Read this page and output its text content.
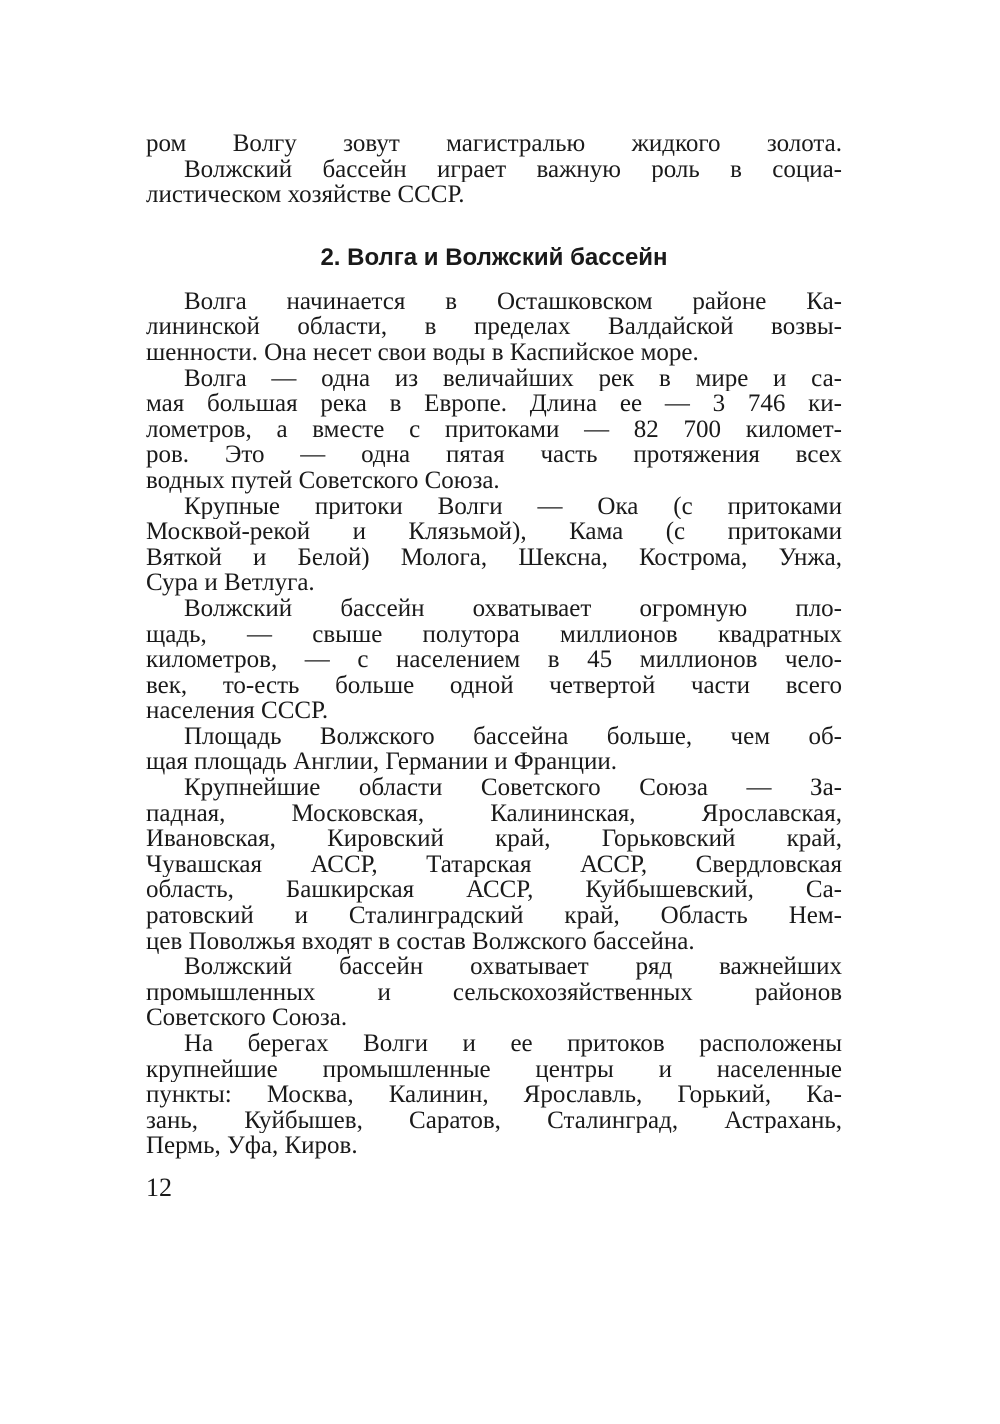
ром Волгу зовут магистралью жидкого золота.
Волжский бассейн играет важную роль в социа-
листическом хозяйстве СССР.
2. Волга и Волжский бассейн
Волга начинается в Осташковском районе Ка-
лининской области, в пределах Валдайской возвы-
шенности. Она несет свои воды в Каспийское море.
Волга — одна из величайших рек в мире и са-
мая большая река в Европе. Длина ее — 3 746 ки-
лометров, а вместе с притоками — 82 700 километ-
ров. Это — одна пятая часть протяжения всех
водных путей Советского Союза.
Крупные притоки Волги — Ока (с притоками
Москвой-рекой и Клязьмой), Кама (с притоками
Вяткой и Белой) Молога, Шексна, Кострома, Унжа,
Сура и Ветлуга.
Волжский бассейн охватывает огромную пло-
щадь, — свыше полутора миллионов квадратных
километров, — с населением в 45 миллионов чело-
век, то-есть больше одной четвертой части всего
населения СССР.
Площадь Волжского бассейна больше, чем об-
щая площадь Англии, Германии и Франции.
Крупнейшие области Советского Союза — За-
падная, Московская, Калининская, Ярославская,
Ивановская, Кировский край, Горьковский край,
Чувашская АССР, Татарская АССР, Свердловская
область, Башкирская АССР, Куйбышевский, Са-
ратовский и Сталинградский край, Область Нем-
цев Поволжья входят в состав Волжского бассейна.
Волжский бассейн охватывает ряд важнейших
промышленных и сельскохозяйственных районов
Советского Союза.
На берегах Волги и ее притоков расположены
крупнейшие промышленные центры и населенные
пункты: Москва, Калинин, Ярославль, Горький, Ка-
зань, Куйбышев, Саратов, Сталинград, Астрахань,
Пермь, Уфа, Киров.
12
